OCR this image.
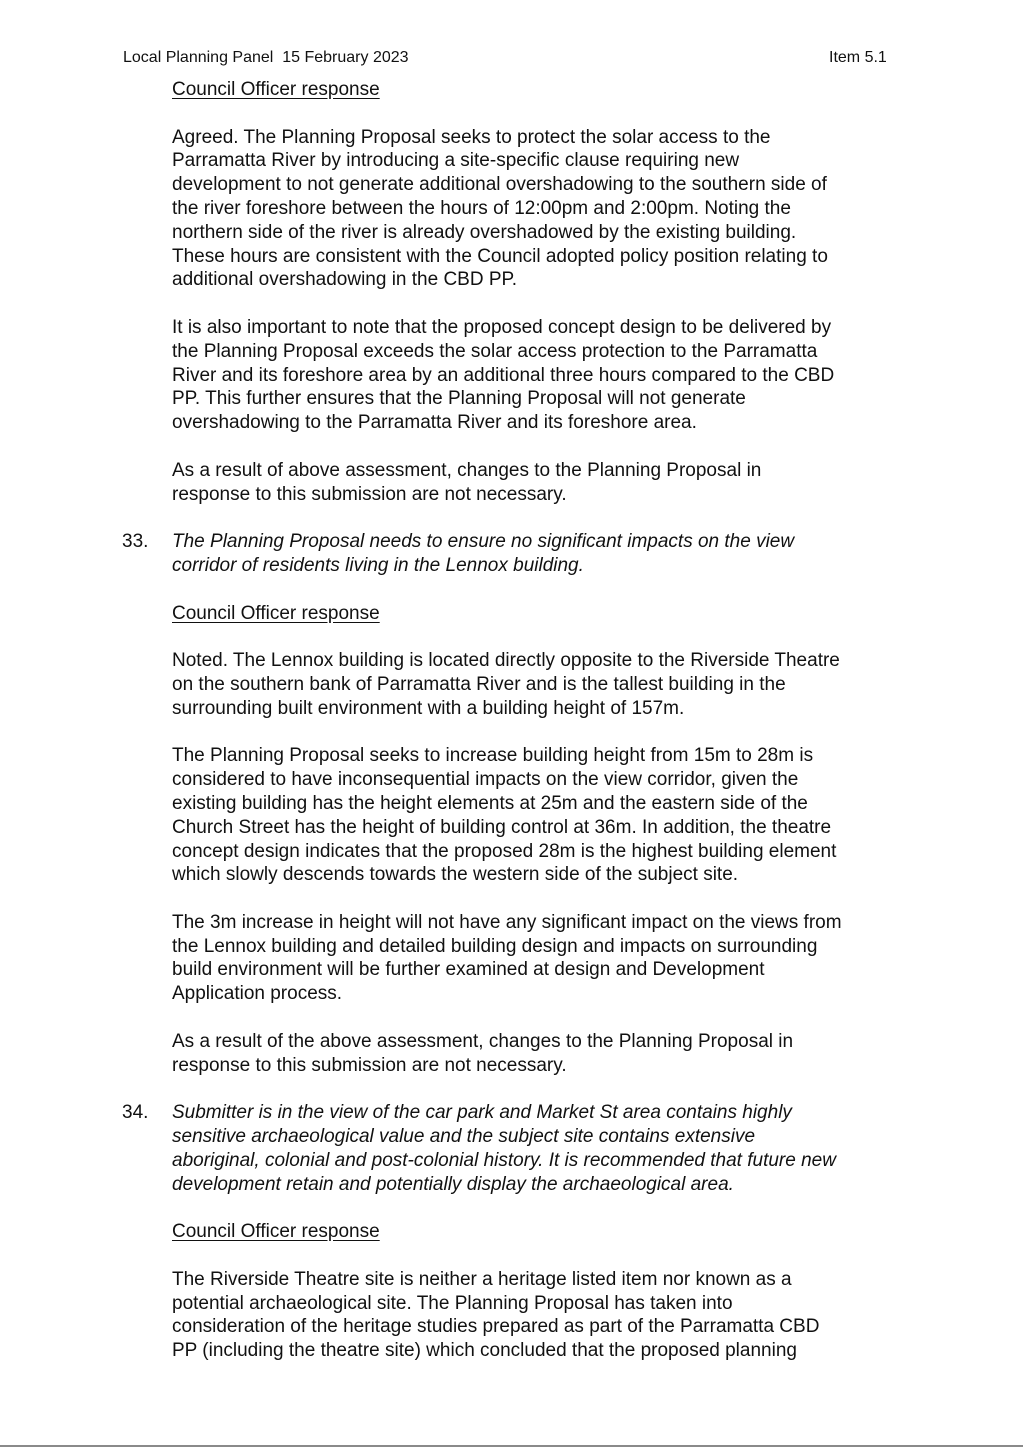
Local Planning Panel  15 February 2023	Item 5.1
Council Officer response
Agreed. The Planning Proposal seeks to protect the solar access to the
Parramatta River by introducing a site-specific clause requiring new
development to not generate additional overshadowing to the southern side of
the river foreshore between the hours of 12:00pm and 2:00pm. Noting the
northern side of the river is already overshadowed by the existing building.
These hours are consistent with the Council adopted policy position relating to
additional overshadowing in the CBD PP.
It is also important to note that the proposed concept design to be delivered by
the Planning Proposal exceeds the solar access protection to the Parramatta
River and its foreshore area by an additional three hours compared to the CBD
PP. This further ensures that the Planning Proposal will not generate
overshadowing to the Parramatta River and its foreshore area.
As a result of above assessment, changes to the Planning Proposal in
response to this submission are not necessary.
33. The Planning Proposal needs to ensure no significant impacts on the view
corridor of residents living in the Lennox building.
Council Officer response
Noted. The Lennox building is located directly opposite to the Riverside Theatre
on the southern bank of Parramatta River and is the tallest building in the
surrounding built environment with a building height of 157m.
The Planning Proposal seeks to increase building height from 15m to 28m is
considered to have inconsequential impacts on the view corridor, given the
existing building has the height elements at 25m and the eastern side of the
Church Street has the height of building control at 36m. In addition, the theatre
concept design indicates that the proposed 28m is the highest building element
which slowly descends towards the western side of the subject site.
The 3m increase in height will not have any significant impact on the views from
the Lennox building and detailed building design and impacts on surrounding
build environment will be further examined at design and Development
Application process.
As a result of the above assessment, changes to the Planning Proposal in
response to this submission are not necessary.
34. Submitter is in the view of the car park and Market St area contains highly
sensitive archaeological value and the subject site contains extensive
aboriginal, colonial and post-colonial history. It is recommended that future new
development retain and potentially display the archaeological area.
Council Officer response
The Riverside Theatre site is neither a heritage listed item nor known as a
potential archaeological site. The Planning Proposal has taken into
consideration of the heritage studies prepared as part of the Parramatta CBD
PP (including the theatre site) which concluded that the proposed planning
